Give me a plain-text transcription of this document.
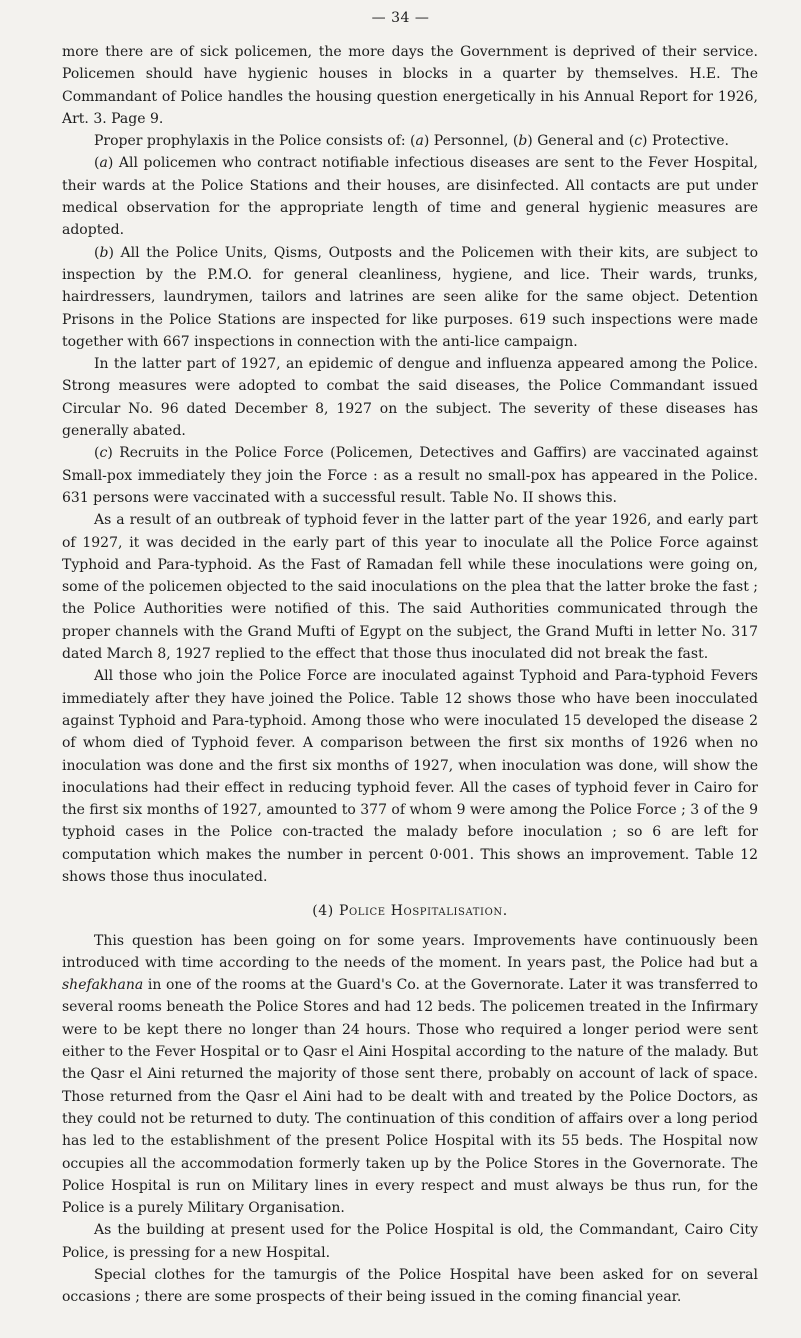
— 34 —

more there are of sick policemen, the more days the Government is deprived of their service. Policemen should have hygienic houses in blocks in a quarter by themselves. H.E. The Commandant of Police handles the housing question energetically in his Annual Report for 1926, Art. 3. Page 9.

Proper prophylaxis in the Police consists of: (a) Personnel, (b) General and (c) Protective.

(a) All policemen who contract notifiable infectious diseases are sent to the Fever Hospital, their wards at the Police Stations and their houses, are disinfected. All contacts are put under medical observation for the appropriate length of time and general hygienic measures are adopted.

(b) All the Police Units, Qisms, Outposts and the Policemen with their kits, are subject to inspection by the P.M.O. for general cleanliness, hygiene, and lice. Their wards, trunks, hairdressers, laundrymen, tailors and latrines are seen alike for the same object. Detention Prisons in the Police Stations are inspected for like purposes. 619 such inspections were made together with 667 inspections in connection with the anti-lice campaign.

In the latter part of 1927, an epidemic of dengue and influenza appeared among the Police. Strong measures were adopted to combat the said diseases, the Police Commandant issued Circular No. 96 dated December 8, 1927 on the subject. The severity of these diseases has generally abated.

(c) Recruits in the Police Force (Policemen, Detectives and Gaffirs) are vaccinated against Small-pox immediately they join the Force : as a result no small-pox has appeared in the Police. 631 persons were vaccinated with a successful result. Table No. II shows this.

As a result of an outbreak of typhoid fever in the latter part of the year 1926, and early part of 1927, it was decided in the early part of this year to inoculate all the Police Force against Typhoid and Para-typhoid. As the Fast of Ramadan fell while these inoculations were going on, some of the policemen objected to the said inoculations on the plea that the latter broke the fast ; the Police Authorities were notified of this. The said Authorities communicated through the proper channels with the Grand Mufti of Egypt on the subject, the Grand Mufti in letter No. 317 dated March 8, 1927 replied to the effect that those thus inoculated did not break the fast.

All those who join the Police Force are inoculated against Typhoid and Para-typhoid Fevers immediately after they have joined the Police. Table 12 shows those who have been inocculated against Typhoid and Para-typhoid. Among those who were inoculated 15 developed the disease 2 of whom died of Typhoid fever. A comparison between the first six months of 1926 when no inoculation was done and the first six months of 1927, when inoculation was done, will show the inoculations had their effect in reducing typhoid fever. All the cases of typhoid fever in Cairo for the first six months of 1927, amounted to 377 of whom 9 were among the Police Force ; 3 of the 9 typhoid cases in the Police con-tracted the malady before inoculation ; so 6 are left for computation which makes the number in percent 0·001. This shows an improvement. Table 12 shows those thus inoculated.

(4) Police Hospitalisation.

This question has been going on for some years. Improvements have continuously been introduced with time according to the needs of the moment. In years past, the Police had but a shefakhana in one of the rooms at the Guard's Co. at the Governorate. Later it was transferred to several rooms beneath the Police Stores and had 12 beds. The policemen treated in the Infirmary were to be kept there no longer than 24 hours. Those who required a longer period were sent either to the Fever Hospital or to Qasr el Aini Hospital according to the nature of the malady. But the Qasr el Aini returned the majority of those sent there, probably on account of lack of space. Those returned from the Qasr el Aini had to be dealt with and treated by the Police Doctors, as they could not be returned to duty. The continuation of this condition of affairs over a long period has led to the establishment of the present Police Hospital with its 55 beds. The Hospital now occupies all the accommodation formerly taken up by the Police Stores in the Governorate. The Police Hospital is run on Military lines in every respect and must always be thus run, for the Police is a purely Military Organisation.

As the building at present used for the Police Hospital is old, the Commandant, Cairo City Police, is pressing for a new Hospital.

Special clothes for the tamurgis of the Police Hospital have been asked for on several occasions ; there are some prospects of their being issued in the coming financial year.
